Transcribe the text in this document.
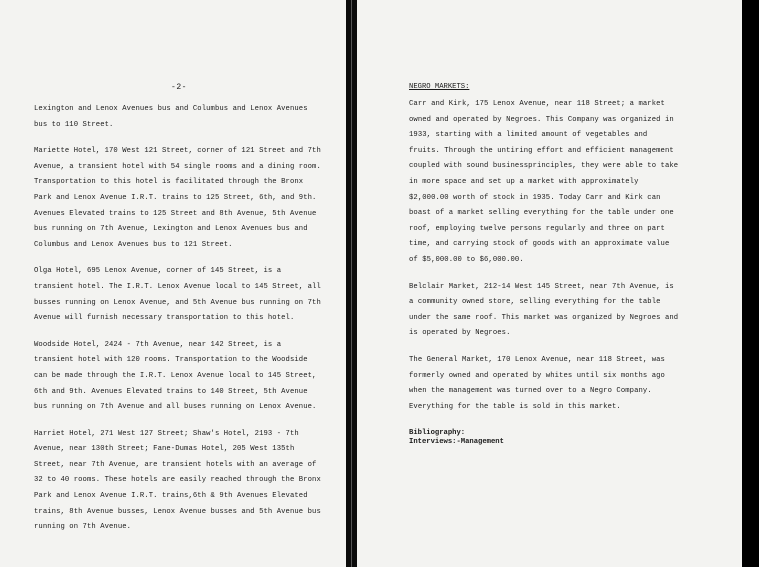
-2-

Lexington and Lenox Avenues bus and Columbus and Lenox Avenues bus to 110 Street.

Mariette Hotel, 170 West 121 Street, corner of 121 Street and 7th Avenue, a transient hotel with 54 single rooms and a dining room. Transportation to this hotel is facilitated through the Bronx Park and Lenox Avenue I.R.T. trains to 125 Street, 6th, and 9th. Avenues Elevated trains to 125 Street and 8th Avenue, 5th Avenue bus running on 7th Avenue, Lexington and Lenox Avenues bus and Columbus and Lenox Avenues bus to 121 Street.

Olga Hotel, 695 Lenox Avenue, corner of 145 Street, is a transient hotel. The I.R.T. Lenox Avenue local to 145 Street, all busses running on Lenox Avenue, and 5th Avenue bus running on 7th Avenue will furnish necessary transportation to this hotel.

Woodside Hotel, 2424 - 7th Avenue, near 142 Street, is a transient hotel with 120 rooms. Transportation to the Woodside can be made through the I.R.T. Lenox Avenue local to 145 Street, 6th and 9th. Avenues Elevated trains to 140 Street, 5th Avenue bus running on 7th Avenue and all buses running on Lenox Avenue.

Harriet Hotel, 271 West 127 Street; Shaw's Hotel, 2193 - 7th Avenue, near 130th Street; Fane-Dumas Hotel, 205 West 135th Street, near 7th Avenue, are transient hotels with an average of 32 to 40 rooms. These hotels are easily reached through the Bronx Park and Lenox Avenue I.R.T. trains,6th & 9th Avenues Elevated trains, 8th Avenue busses, Lenox Avenue busses and 5th Avenue bus running on 7th Avenue.

NEGRO MARKETS:

Carr and Kirk, 175 Lenox Avenue, near 118 Street; a market owned and operated by Negroes. This Company was organized in 1933, starting with a limited amount of vegetables and fruits. Through the untiring effort and efficient management coupled with sound businessprinciples, they were able to take in more space and set up a market with approximately $2,000.00 worth of stock in 1935. Today Carr and Kirk can boast of a market selling everything for the table under one roof, employing twelve persons regularly and three on part time, and carrying stock of goods with an approximate value of $5,000.00 to $6,000.00.

Belclair Market, 212-14 West 145 Street, near 7th Avenue, is a community owned store, selling everything for the table under the same roof. This market was organized by Negroes and is operated by Negroes.

The General Market, 170 Lenox Avenue, near 118 Street, was formerly owned and operated by whites until six months ago when the management was turned over to a Negro Company. Everything for the table is sold in this market.

Bibliography:
Interviews:-Management
